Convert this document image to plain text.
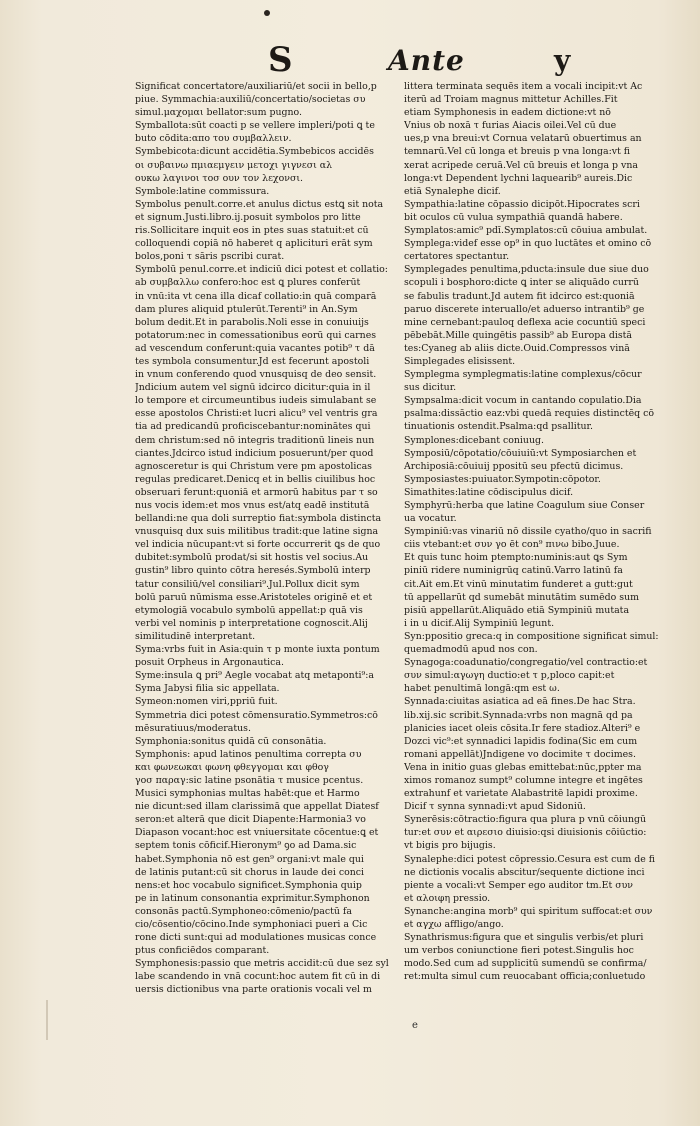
S	Ante	y
Significat concertatore/auxiliariū/et socii in bello,p
piue. Symmachia:auxiliū/concertatio/societas συ
simul.μαχομαι bellator:sum pugno.
Symballota:sūt coacti p se vellere impleri/poti ꝗ te
buto cōdita:απο του συμβαλλειν.
Symbebicota:dicunt accidētia.Symbebicos accidēs
οι συβαινω πμιαεμγειν μετοχι γιγνεσι αλ
ουκω λαγινοι τοσ ουν τον λεχονσι.
Symbole:latine commissura.
Symbolus penult.corre.et anulus dictus estꝗ sit nota
et signum.Justi.libro.ij.posuit symbolos pro litte
ris.Sollicitare inquit eos in ptes suas statuit:et cū
colloquendi copiā nō haberet q aplicituri erāt sym
bolos,poni τ sāris pscribi curat.
Symbolū penul.corre.et indiciū dici potest et collatio:
ab συμβαλλω confero:hoc est ꝗ plures conferūt
in vnū:ita vt cena illa dicaf collatio:in quā comparā
dam plures aliquid ptulerūt.Terenti⁹ in An.Sym
bolum dedit.Et in parabolis.Noli esse in conuiuijs
potatorum:nec in comessationibus eorū qui carnes
ad vescendum conferunt:quia vacantes potib⁹ τ dā
tes symbola consumentur.Jd est fecerunt apostoli
in vnum conferendo quod vnusquisq de deo sensit.
Jndicium autem vel signū idcirco dicitur:quia in il
lo tempore et circumeuntibus iudeis simulabant se
esse apostolos Christi:et lucri alicu⁹ vel ventris gra
tia ad predicandū proficiscebantur:nominātes qui
dem christum:sed nō integris traditionū lineis nun
ciantes.Jdcirco istud indicium posuerunt/per quod
agnosceretur is qui Christum vere pm apostolicas
regulas predicaret.Denicq et in bellis ciuilibus hoc
obseruari ferunt:quoniā et armorū habitus par τ so
nus vocis idem:et mos vnus est/atq eadē institutā
bellandi:ne qua doli surreptio fiat:symbola distincta
vnusquisq dux suis militibus tradit:que latine signa
vel indicia nūcupant:vt si forte occurrerit ꝗs de quo
dubitet:symbolū prodat/si sit hostis vel socius.Au
gustin⁹ libro quinto cōtra heresés.Symbolū interp
tatur consiliū/vel consiliari⁹.Jul.Pollux dicit sym
bolū paruū nūmisma esse.Aristoteles originē et et
etymologiā vocabulo symbolū appellat:p quā vis
verbi vel nominis p interpretatione cognoscit.Alij
similitudinē interpretant.
Syma:vrbs fuit in Asia:quin τ p monte iuxta pontum
posuit Orpheus in Argonautica.
Syme:insula ꝗ pri⁹ Aegle vocabat atq metaponti⁹:a
Syma Jabysi filia sic appellata.
Symeon:nomen viri,ppriū fuit.
Symmetria dici potest cōmensuratio.Symmetros:cō
mēsuratiuus/moderatus.
Symphonia:sonitus quidā cū consonātia.
Symphonis: apud latinos penultima correpta συ
και φωνεωκαι φωνη φθεγγομαι και φθογ
γοσ παραγ:sic latine psonātia τ musice pcentus.
Musici symphonias multas habēt:que et Harmo
nie dicunt:sed illam clarissimā que appellat Diatesf
seron:et alterā que dicit Diapente:Harmonia3 vo
Diapason vocant:hoc est vniuersitate cōcentue:ꝗ et
septem tonis cōficif.Hieronym⁹ ꝯo ad Dama.sic
habet.Symphonia nō est gen⁹ organi:vt male qui
de latinis putant:cū sit chorus in laude dei conci
nens:et hoc vocabulo significet.Symphonia quip
pe in latinum consonantia exprimitur.Symphonon
consonās pactū.Symphoneo:cōmenio/pactū fa
cio/cōsentio/cōcino.Inde symphoniaci pueri a Cic
rone dicti sunt:qui ad modulationes musicas conce
ptus conficiēdos comparant.
Symphonesis:passio que metris accidit:cū due sez syl
labe scandendo in vnā cocunt:hoc autem fit cū in di
uersis dictionibus vna parte orationis vocali vel m
littera terminata sequēs item a vocali incipit:vt Ac
iterū ad Troiam magnus mittetur Achilles.Fit
etiam Symphonesis in eadem dictione:vt nō
Vnius ob noxā τ furias Aiacis oilei.Vel cū due
ues,p vna breui:vt Cornua velatarū obuertimus an
temnarū.Vel cū longa et breuis p vna longa:vt fi
xerat acripede ceruā.Vel cū breuis et longa p vna
longa:vt Dependent lychni laquearib⁹ aureis.Dic
etiā Synalephe dicif.
Sympathia:latine cōpassio dicipōt.Hipocrates scri
bit oculos cū vulua sympathiā quandā habere.
Symplatos:amic⁹ pdī.Symplatos:cū cōuiua ambulat.
Symplega:videf esse op⁹ in quo luctātes et omino cō
certatores spectantur.
Symplegades penultima,pducta:insule due siue duo
scopuli i bosphoro:dicte ꝗ inter se aliquādo currū
se fabulis tradunt.Jd autem fit idcirco est:quoniā
paruo discerete interuallo/et aduerso intrantib⁹ ge
mine cernebant:pauloq deflexa acie cocuntiū speci
pēbebāt.Mille quingētis passib⁹ ab Europa distā
tes:Cyaneg ab aliis dicte.Ouid.Compressos vinā
Simplegades elisissent.
Symplegma symplegmatis:latine complexus/cōcur
sus dicitur.
Sympsalma:dicit vocum in cantando copulatio.Dia
psalma:dissāctio eaz:vbi quedā requies distinctēq cō
tinuationis ostendit.Psalma:qd psallitur.
Symplones:dicebant coniuug.
Symposiū/cōpotatio/cōuiuiū:vt Symposiarchen et
Archiposiā:cōuiuij ppositū seu pfectū dicimus.
Symposiastes:puiuator.Sympotin:cōpotor.
Simathites:latine cōdiscipulus dicif.
Symphyrū:herba que latine Coagulum siue Conser
ua vocatur.
Sympiniū:vas vinariū nō dissile cyatho/quo in sacrifi
ciis vtebant:et συν γο ēt con⁹ πινω bibo.Juue.
Et quis tunc hoim ptempto:numinis:aut ꝗs Sym
piniū ridere numinigrūq catinū.Varro latinū fa
cit.Ait em.Et vinū minutatim funderet a gutt:gut
tū appellarūt qd sumebāt minutātim sumēdo sum
pisiū appellarūt.Aliquādo etiā Sympiniū mutata
i in u dicif.Alij Sympiniū legunt.
Syn:ppositio greca:q in compositione significat simul:
quemadmodū apud nos con.
Synagoga:coadunatio/congregatio/vel contractio:et
συν simul:αγωγη ductio:et τ p,ploco capit:et
habet penultimā longā:qm est ω.
Synnada:ciuitas asiatica ad eā fines.De hac Stra.
lib.xij.sic scribit.Synnada:vrbs non magnā qd pa
planicies iacet oleis cōsita.Ir fere stadioz.Alteri⁹ e
Dozci vic⁹:et synnadici lapidis fodina(Sic em cum
romani appellāt)Jndigene vo docimite τ docimes.
Vena in initio guas glebas emittebat:nūc,ppter ma
ximos romanoz sumpt⁹ columne integre et ingētes
extrahunf et varietate Alabastritē lapidi proxime.
Dicif τ synna synnadi:vt apud Sidoniū.
Synerēsis:cōtractio:figura qua plura p vnū cōiungū
tur:et συν et αιρεσιο diuisio:qsi diuisionis cōiūctio:
vt bigis pro bijugis.
Synalephe:dici potest cōpressio.Cesura est cum de fi
ne dictionis vocalis abscitur/sequente dictione inci
piente a vocali:vt Semper ego auditor tm.Et συν
et αλοιφη pressio.
Synanche:angina morb⁹ qui spiritum suffocat:et συν
et αγχω affligo/ango.
Synathrismus:figura que et singulis verbis/et pluri
um verbos coniunctione fieri potest.Singulis hoc
modo.Sed cum ad supplicitū sumendū se confirma/
ret:multa simul cum reuocabant officia;conluetudo
e
